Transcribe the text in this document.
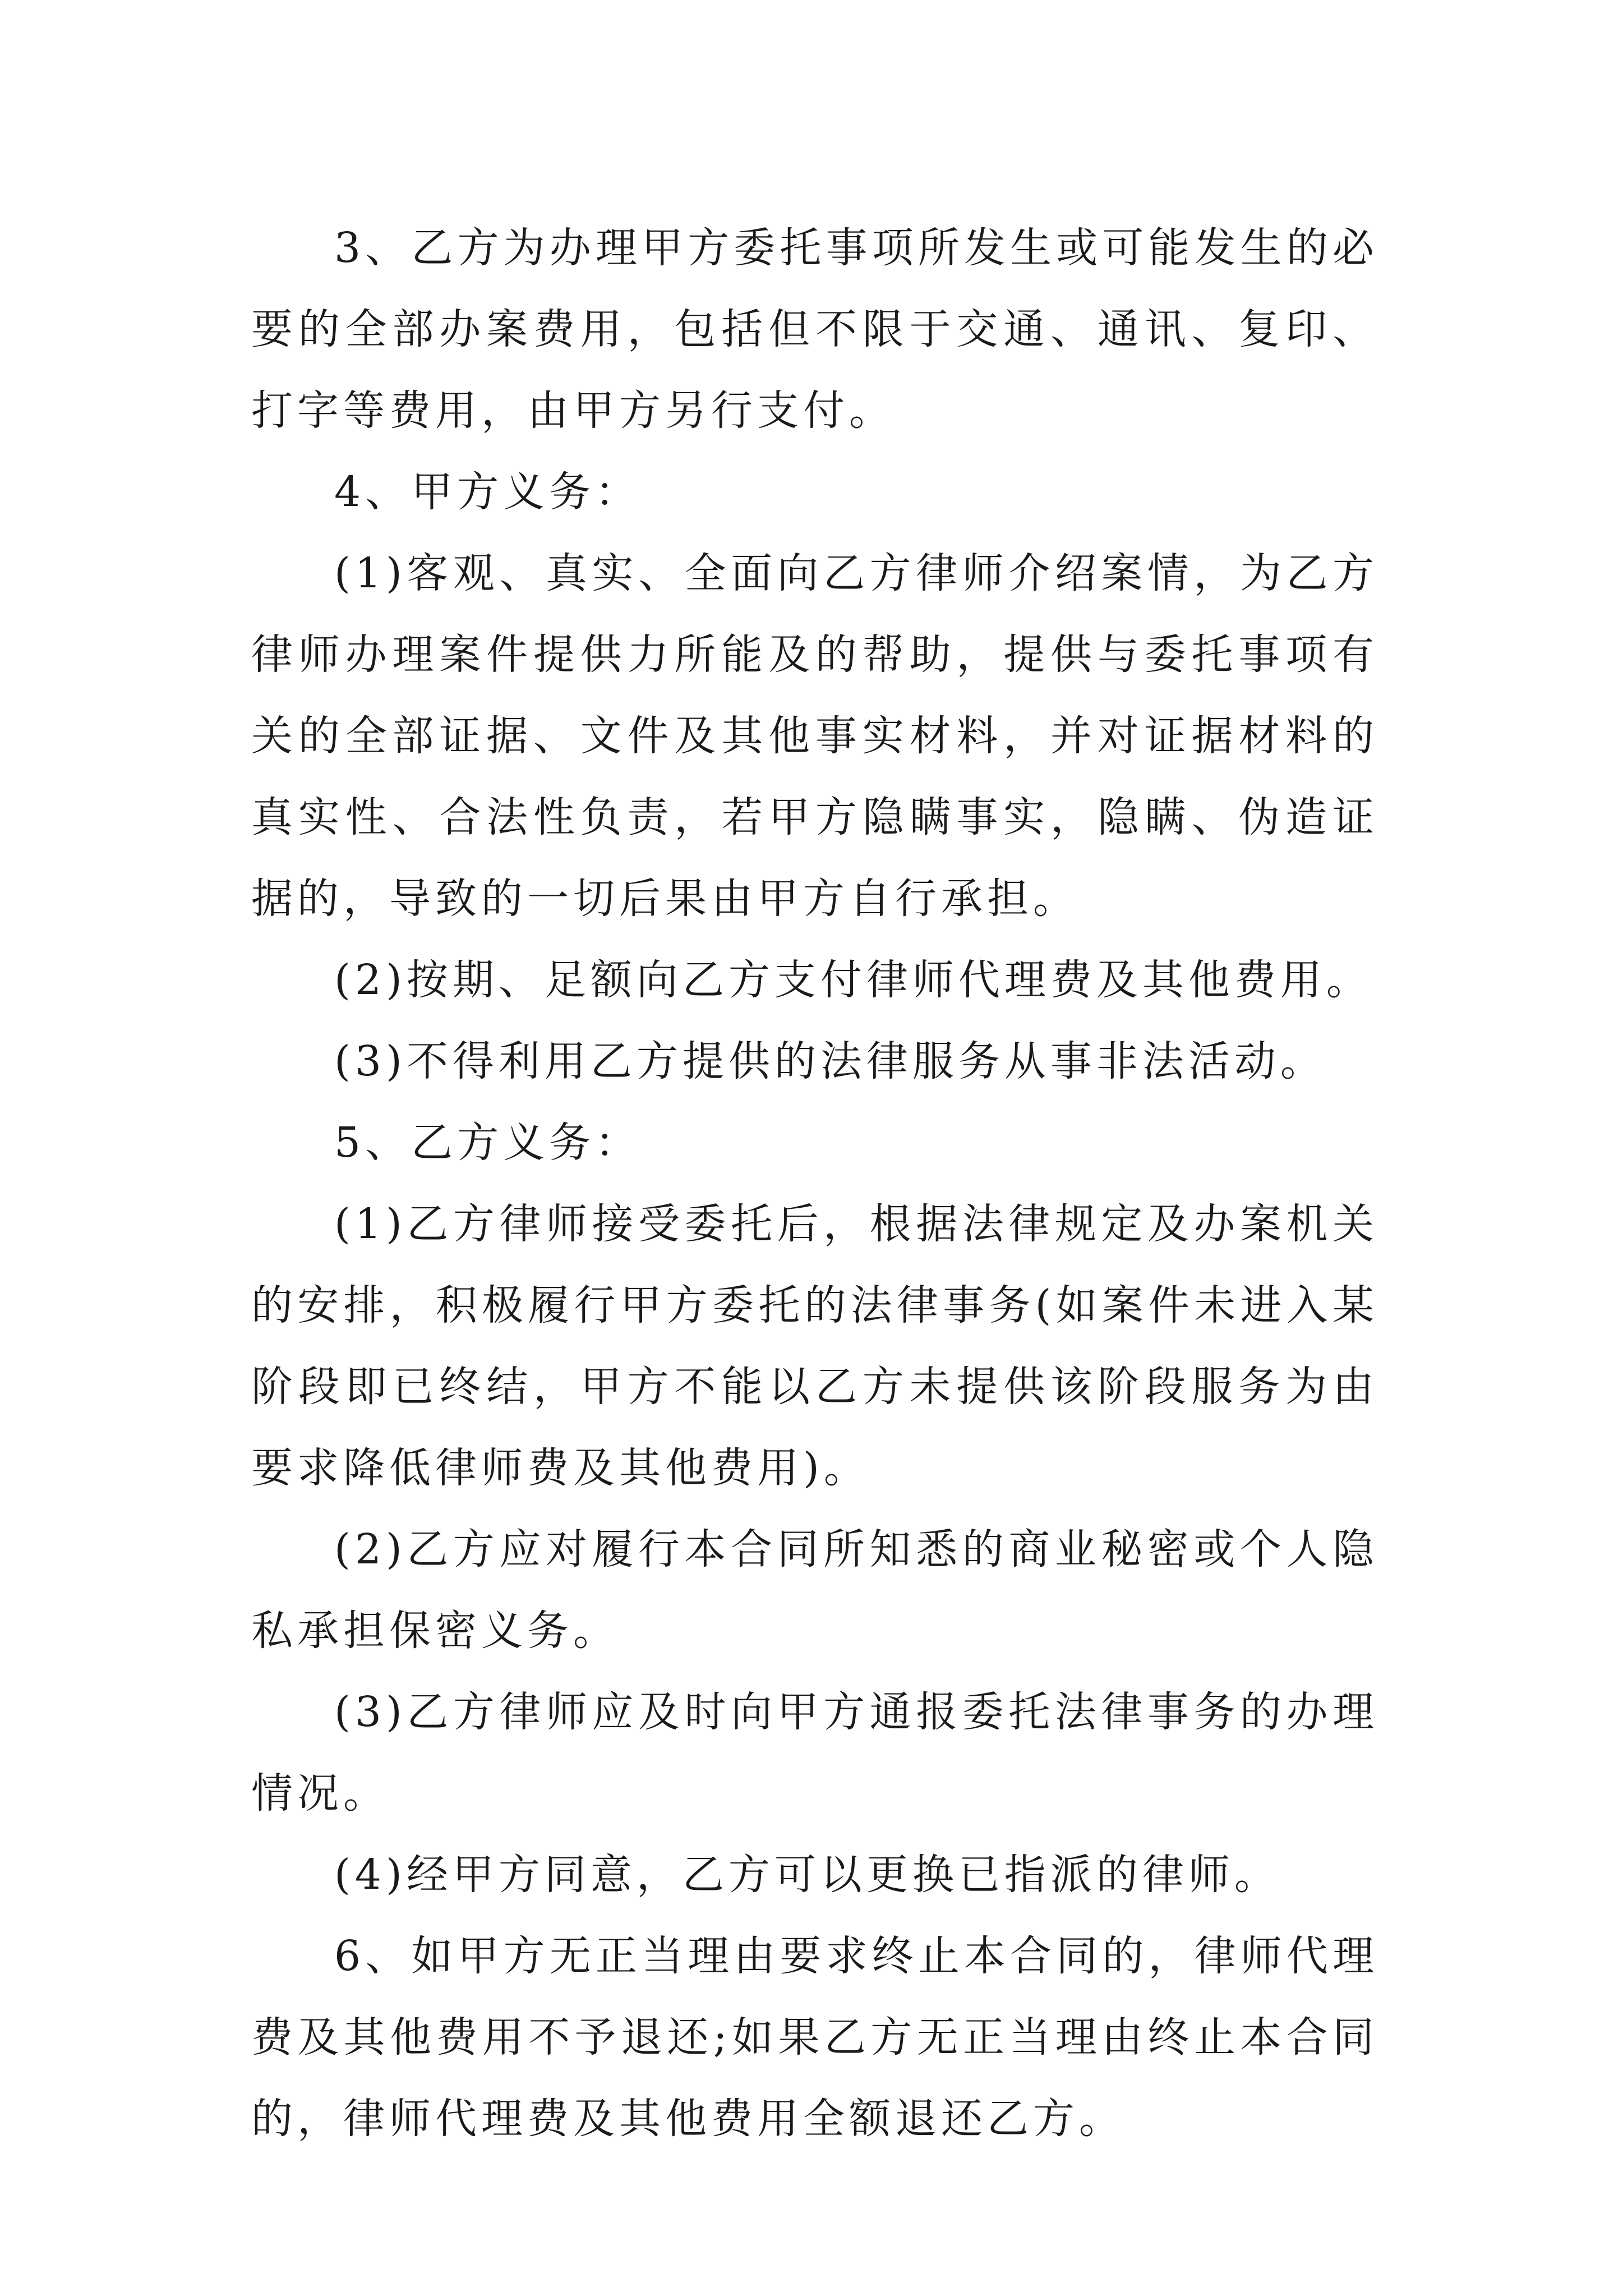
3、乙方为办理甲方委托事项所发生或可能发生的必要的全部办案费用，包括但不限于交通、通讯、复印、打字等费用，由甲方另行支付。

4、甲方义务：

(1)客观、真实、全面向乙方律师介绍案情，为乙方律师办理案件提供力所能及的帮助，提供与委托事项有关的全部证据、文件及其他事实材料，并对证据材料的真实性、合法性负责，若甲方隐瞒事实，隐瞒、伪造证据的，导致的一切后果由甲方自行承担。

(2)按期、足额向乙方支付律师代理费及其他费用。

(3)不得利用乙方提供的法律服务从事非法活动。

5、乙方义务：

(1)乙方律师接受委托后，根据法律规定及办案机关的安排，积极履行甲方委托的法律事务(如案件未进入某阶段即已终结，甲方不能以乙方未提供该阶段服务为由要求降低律师费及其他费用)。

(2)乙方应对履行本合同所知悉的商业秘密或个人隐私承担保密义务。

(3)乙方律师应及时向甲方通报委托法律事务的办理情况。

(4)经甲方同意，乙方可以更换已指派的律师。

6、如甲方无正当理由要求终止本合同的，律师代理费及其他费用不予退还;如果乙方无正当理由终止本合同的，律师代理费及其他费用全额退还乙方。
